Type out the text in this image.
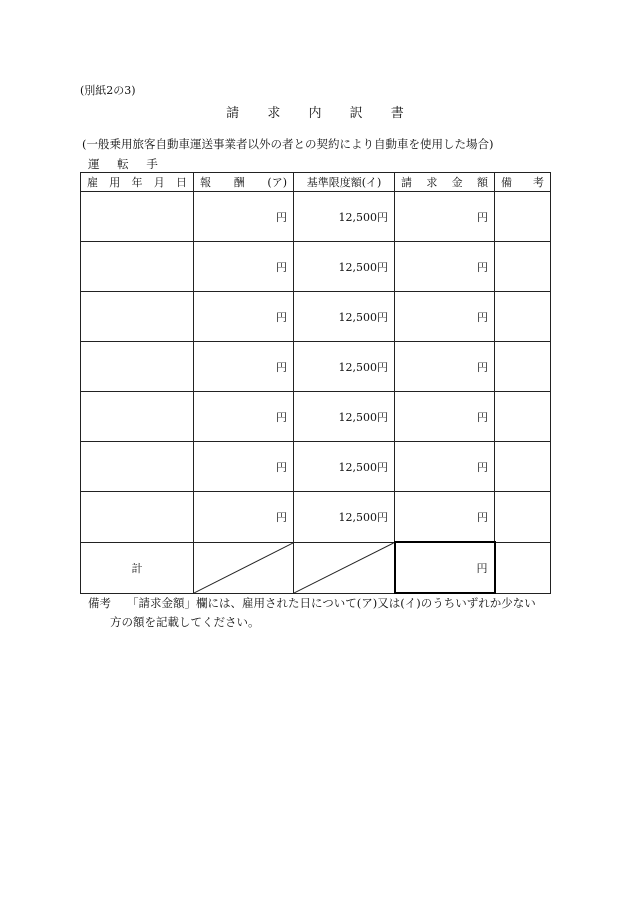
(別紙2の3)
請 求 内 訳 書
(一般乗用旅客自動車運送事業者以外の者との契約により自動車を使用した場合)
運 転 手
雇 用 年 月 日	報 酬 (ア)	基準限度額(イ)	請 求 金 額	備 考

	円	12,500円	円	
	円	12,500円	円	
	円	12,500円	円	
	円	12,500円	円	
	円	12,500円	円	
	円	12,500円	円	
	円	12,500円	円	
計			円	
備考 「請求金額」欄には、雇用された日について(ア)又は(イ)のうちいずれか少ない
方の額を記載してください。
